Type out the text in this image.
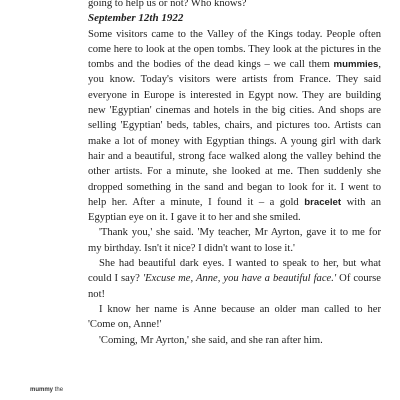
going to help us or not? Who knows?

September 12th 1922

Some visitors came to the Valley of the Kings today. People often come here to look at the open tombs. They look at the pictures in the tombs and the bodies of the dead kings – we call them mummies, you know. Today's visitors were artists from France. They said everyone in Europe is interested in Egypt now. They are building new 'Egyptian' cinemas and hotels in the big cities. And shops are selling 'Egyptian' beds, tables, chairs, and pictures too. Artists can make a lot of money with Egyptian things. A young girl with dark hair and a beautiful, strong face walked along the valley behind the other artists. For a minute, she looked at me. Then suddenly she dropped something in the sand and began to look for it. I went to help her. After a minute, I found it – a gold bracelet with an Egyptian eye on it. I gave it to her and she smiled.

'Thank you,' she said. 'My teacher, Mr Ayrton, gave it to me for my birthday. Isn't it nice? I didn't want to lose it.'

She had beautiful dark eyes. I wanted to speak to her, but what could I say? 'Excuse me, Anne, you have a beautiful face.' Of course not!

I know her name is Anne because an older man called to her 'Come on, Anne!'

'Coming, Mr Ayrton,' she said, and she ran after him.

mummy the
